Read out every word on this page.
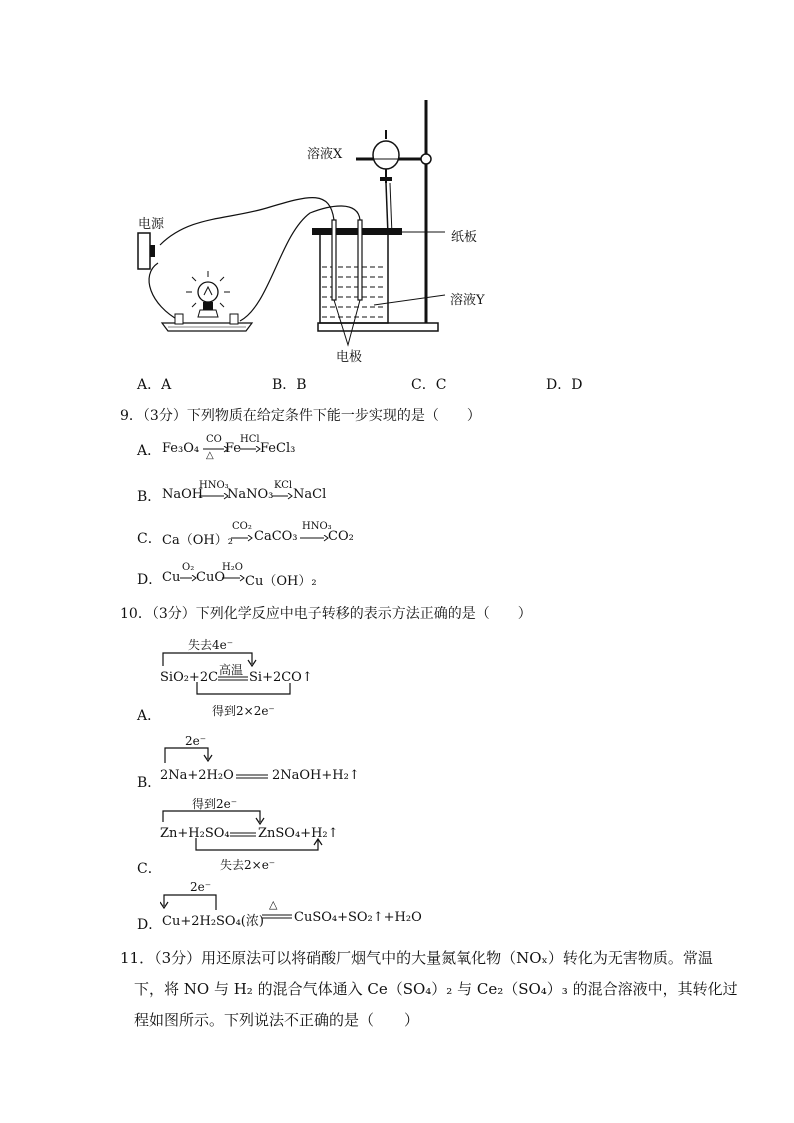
溶液X
电源
纸板
溶液Y
电极
A．A	B．B	C．C	D．D
9．（3分）下列物质在给定条件下能一步实现的是（　　）
A． Fe₃O₄
CO
△ Fe
HCl
FeCl₃
B． NaOH
HNO₃
NaNO₃
KCl
NaCl
C． Ca（OH）₂
CO₂
CaCO₃
HNO₃
CO₂
D． Cu
O₂
CuO
H₂O
Cu（OH）₂
10．（3分）下列化学反应中电子转移的表示方法正确的是（　　）
失去4e⁻
高温
SiO₂+2C Si+2CO↑
A．	得到2×2e⁻
2e⁻
B．
2Na+2H₂O	2NaOH+H₂↑
得到2e⁻
Zn+H₂SO₄ ZnSO₄+H₂↑
C．	失去2×e⁻
2e⁻
D． Cu+2H₂SO₄(浓)
△
CuSO₄+SO₂↑+H₂O
11．（3分）用还原法可以将硝酸厂烟气中的大量氮氧化物（NOₓ）转化为无害物质。常温
下，将 NO 与 H₂ 的混合气体通入 Ce（SO₄）₂ 与 Ce₂（SO₄）₃ 的混合溶液中，其转化过
程如图所示。下列说法不正确的是（　　）
